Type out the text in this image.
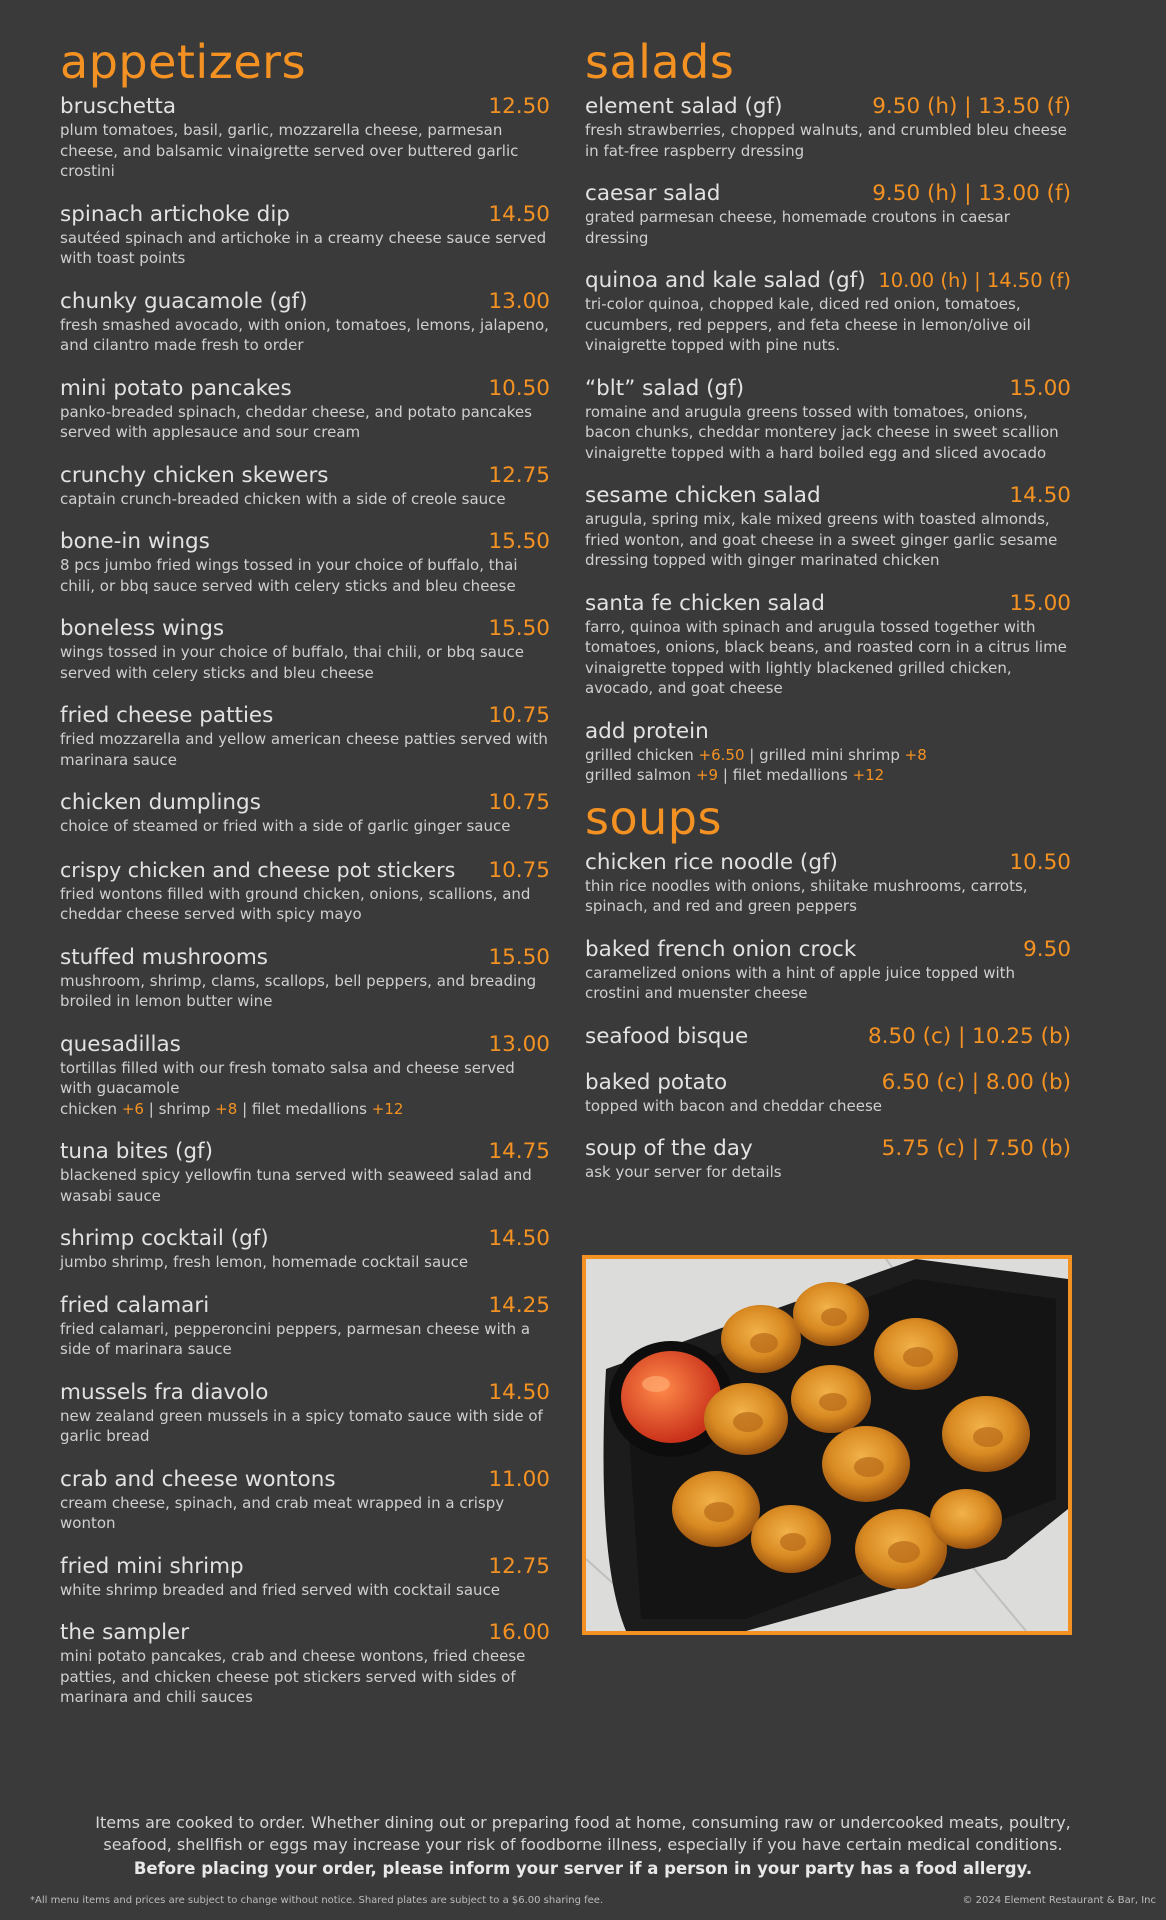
appetizers
bruschetta	12.50
plum tomatoes, basil, garlic, mozzarella cheese, parmesan cheese, and balsamic vinaigrette served over buttered garlic crostini
spinach artichoke dip	14.50
sautéed spinach and artichoke in a creamy cheese sauce served with toast points
chunky guacamole (gf)	13.00
fresh smashed avocado, with onion, tomatoes, lemons, jalapeno, and cilantro made fresh to order
mini potato pancakes	10.50
panko-breaded spinach, cheddar cheese, and potato pancakes served with applesauce and sour cream
crunchy chicken skewers	12.75
captain crunch-breaded chicken with a side of creole sauce
bone-in wings	15.50
8 pcs jumbo fried wings tossed in your choice of buffalo, thai chili, or bbq sauce served with celery sticks and bleu cheese
boneless wings	15.50
wings tossed in your choice of buffalo, thai chili, or bbq sauce served with celery sticks and bleu cheese
fried cheese patties	10.75
fried mozzarella and yellow american cheese patties served with marinara sauce
chicken dumplings	10.75
choice of steamed or fried with a side of garlic ginger sauce
crispy chicken and cheese pot stickers 10.75
fried wontons filled with ground chicken, onions, scallions, and cheddar cheese served with spicy mayo
stuffed mushrooms	15.50
mushroom, shrimp, clams, scallops, bell peppers, and breading broiled in lemon butter wine
quesadillas	13.00
tortillas filled with our fresh tomato salsa and cheese served with guacamole
chicken +6 | shrimp +8 | filet medallions +12
tuna bites (gf)	14.75
blackened spicy yellowfin tuna served with seaweed salad and wasabi sauce
shrimp cocktail (gf)	14.50
jumbo shrimp, fresh lemon, homemade cocktail sauce
fried calamari	14.25
fried calamari, pepperoncini peppers, parmesan cheese with a side of marinara sauce
mussels fra diavolo	14.50
new zealand green mussels in a spicy tomato sauce with side of garlic bread
crab and cheese wontons	11.00
cream cheese, spinach, and crab meat wrapped in a crispy wonton
fried mini shrimp	12.75
white shrimp breaded and fried served with cocktail sauce
the sampler	16.00
mini potato pancakes, crab and cheese wontons, fried cheese patties, and chicken cheese pot stickers served with sides of marinara and chili sauces
salads
element salad (gf)	9.50 (h) | 13.50 (f)
fresh strawberries, chopped walnuts, and crumbled bleu cheese in fat-free raspberry dressing
caesar salad	9.50 (h) | 13.00 (f)
grated parmesan cheese, homemade croutons in caesar dressing
quinoa and kale salad (gf) 10.00 (h) | 14.50 (f)
tri-color quinoa, chopped kale, diced red onion, tomatoes, cucumbers, red peppers, and feta cheese in lemon/olive oil vinaigrette topped with pine nuts.
“blt” salad (gf)	15.00
romaine and arugula greens tossed with tomatoes, onions, bacon chunks, cheddar monterey jack cheese in sweet scallion vinaigrette topped with a hard boiled egg and sliced avocado
sesame chicken salad	14.50
arugula, spring mix, kale mixed greens with toasted almonds, fried wonton, and goat cheese in a sweet ginger garlic sesame dressing topped with ginger marinated chicken
santa fe chicken salad	15.00
farro, quinoa with spinach and arugula tossed together with tomatoes, onions, black beans, and roasted corn in a citrus lime vinaigrette topped with lightly blackened grilled chicken, avocado, and goat cheese
add protein
grilled chicken +6.50 | grilled mini shrimp +8
grilled salmon +9 | filet medallions +12
soups
chicken rice noodle (gf)	10.50
thin rice noodles with onions, shiitake mushrooms, carrots, spinach, and red and green peppers
baked french onion crock	9.50
caramelized onions with a hint of apple juice topped with crostini and muenster cheese
seafood bisque	8.50 (c) | 10.25 (b)
baked potato	6.50 (c) | 8.00 (b)
topped with bacon and cheddar cheese
soup of the day	5.75 (c) | 7.50 (b)
ask your server for details
Items are cooked to order. Whether dining out or preparing food at home, consuming raw or undercooked meats, poultry,
seafood, shellfish or eggs may increase your risk of foodborne illness, especially if you have certain medical conditions.
Before placing your order, please inform your server if a person in your party has a food allergy.
*All menu items and prices are subject to change without notice. Shared plates are subject to a $6.00 sharing fee.	© 2024 Element Restaurant & Bar, Inc
